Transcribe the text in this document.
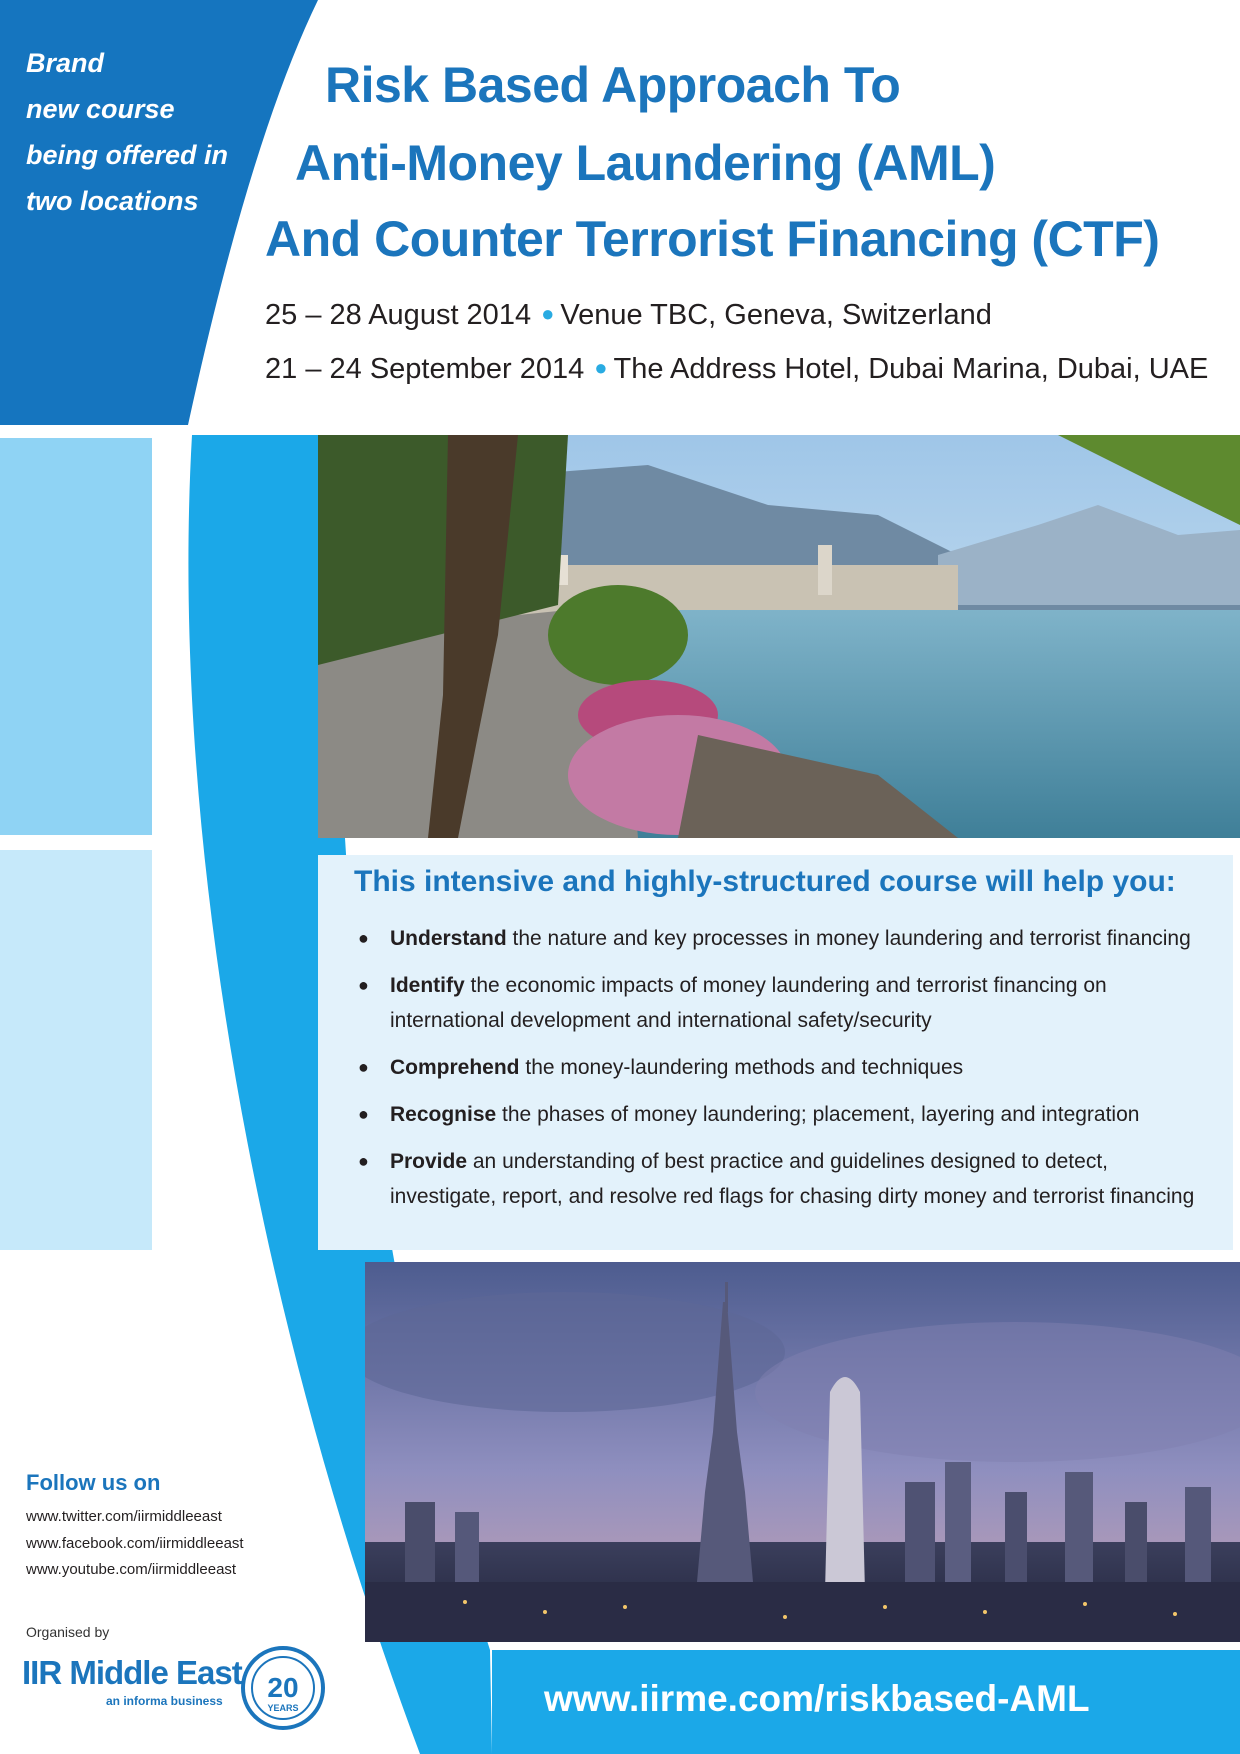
Brand
new course
being offered in
two locations
Risk Based Approach To
Anti-Money Laundering (AML)
And Counter Terrorist Financing (CTF)
25 – 28 August 2014 ● Venue TBC, Geneva, Switzerland
21 – 24 September 2014 ● The Address Hotel, Dubai Marina, Dubai, UAE
This intensive and highly-structured course will help you:
● Understand the nature and key processes in money laundering and terrorist financing
● Identify the economic impacts of money laundering and terrorist financing on international development and international safety/security
● Comprehend the money-laundering methods and techniques
● Recognise the phases of money laundering; placement, layering and integration
● Provide an understanding of best practice and guidelines designed to detect, investigate, report, and resolve red flags for chasing dirty money and terrorist financing
Follow us on
www.twitter.com/iirmiddleeast
www.facebook.com/iirmiddleeast
www.youtube.com/iirmiddleeast
Organised by
IIR Middle East
an informa business 20
YEARS	www.iirme.com/riskbased-AML
